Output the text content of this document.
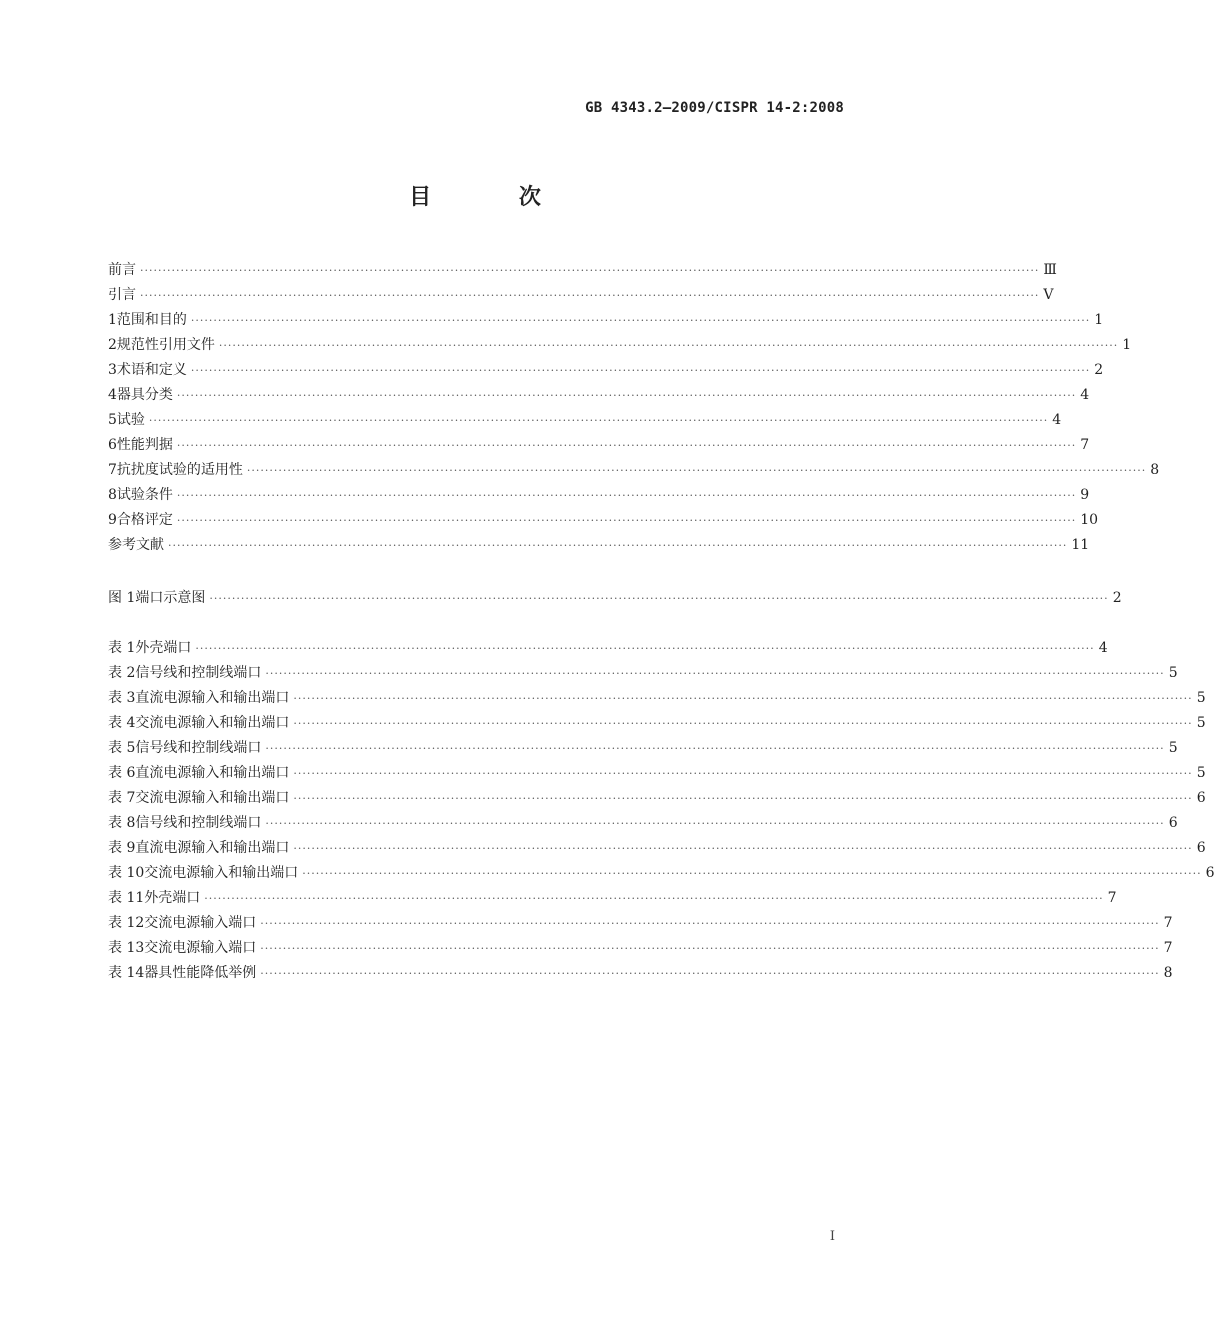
GB 4343.2—2009/CISPR 14-2:2008
目 次
前言 ········································································································································································································ Ⅲ
引言 ········································································································································································································ Ⅴ
1 范围和目的 ········································································································································································································ 1
2 规范性引用文件 ········································································································································································································ 1
3 术语和定义 ········································································································································································································ 2
4 器具分类 ········································································································································································································ 4
5 试验 ········································································································································································································ 4
6 性能判据 ········································································································································································································ 7
7 抗扰度试验的适用性 ········································································································································································································ 8
8 试验条件 ········································································································································································································ 9
9 合格评定 ········································································································································································································ 10
参考文献 ········································································································································································································ 11
图 1 端口示意图 ········································································································································································································ 2
表 1 外壳端口 ········································································································································································································ 4
表 2 信号线和控制线端口 ········································································································································································································ 5
表 3 直流电源输入和输出端口 ········································································································································································································ 5
表 4 交流电源输入和输出端口 ········································································································································································································ 5
表 5 信号线和控制线端口 ········································································································································································································ 5
表 6 直流电源输入和输出端口 ········································································································································································································ 5
表 7 交流电源输入和输出端口 ········································································································································································································ 6
表 8 信号线和控制线端口 ········································································································································································································ 6
表 9 直流电源输入和输出端口 ········································································································································································································ 6
表 10 交流电源输入和输出端口 ········································································································································································································ 6
表 11 外壳端口 ········································································································································································································ 7
表 12 交流电源输入端口 ········································································································································································································ 7
表 13 交流电源输入端口 ········································································································································································································ 7
表 14 器具性能降低举例 ········································································································································································································ 8
Ⅰ
